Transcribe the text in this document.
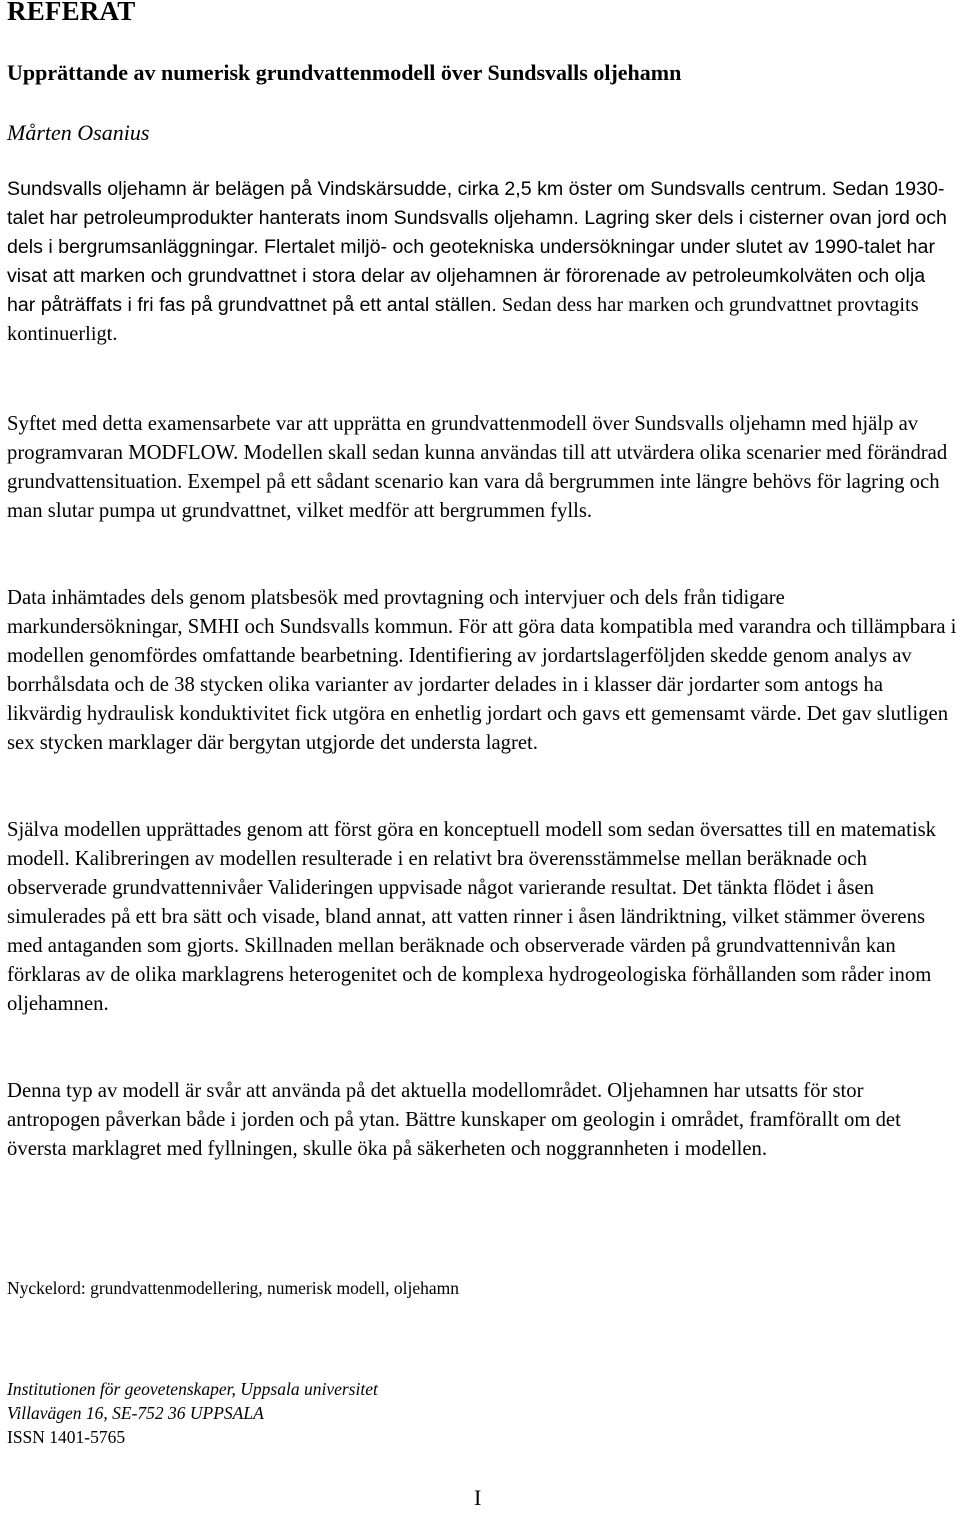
REFERAT
Upprättande av numerisk grundvattenmodell över Sundsvalls oljehamn
Mårten Osanius

Sundsvalls oljehamn är belägen på Vindskärsudde, cirka 2,5 km öster om Sundsvalls centrum. Sedan 1930-talet har petroleumprodukter hanterats inom Sundsvalls oljehamn. Lagring sker dels i cisterner ovan jord och dels i bergrumsanläggningar. Flertalet miljö- och geotekniska undersökningar under slutet av 1990-talet har visat att marken och grundvattnet i stora delar av oljehamnen är förorenade av petroleumkolväten och olja har påträffats i fri fas på grundvattnet på ett antal ställen. Sedan dess har marken och grundvattnet provtagits kontinuerligt.

Syftet med detta examensarbete var att upprätta en grundvattenmodell över Sundsvalls oljehamn med hjälp av programvaran MODFLOW. Modellen skall sedan kunna användas till att utvärdera olika scenarier med förändrad grundvattensituation. Exempel på ett sådant scenario kan vara då bergrummen inte längre behövs för lagring och man slutar pumpa ut grundvattnet, vilket medför att bergrummen fylls.

Data inhämtades dels genom platsbesök med provtagning och intervjuer och dels från tidigare markundersökningar, SMHI och Sundsvalls kommun. För att göra data kompatibla med varandra och tillämpbara i modellen genomfördes omfattande bearbetning. Identifiering av jordartslagerföljden skedde genom analys av borrhålsdata och de 38 stycken olika varianter av jordarter delades in i klasser där jordarter som antogs ha likvärdig hydraulisk konduktivitet fick utgöra en enhetlig jordart och gavs ett gemensamt värde. Det gav slutligen sex stycken marklager där bergytan utgjorde det understa lagret.

Själva modellen upprättades genom att först göra en konceptuell modell som sedan översattes till en matematisk modell. Kalibreringen av modellen resulterade i en relativt bra överensstämmelse mellan beräknade och observerade grundvattennivåer Valideringen uppvisade något varierande resultat. Det tänkta flödet i åsen simulerades på ett bra sätt och visade, bland annat, att vatten rinner i åsen ländriktning, vilket stämmer överens med antaganden som gjorts. Skillnaden mellan beräknade och observerade värden på grundvattennivån kan förklaras av de olika marklagrens heterogenitet och de komplexa hydrogeologiska förhållanden som råder inom oljehamnen.

Denna typ av modell är svår att använda på det aktuella modellområdet. Oljehamnen har utsatts för stor antropogen påverkan både i jorden och på ytan. Bättre kunskaper om geologin i området, framförallt om det översta marklagret med fyllningen, skulle öka på säkerheten och noggrannheten i modellen.

Nyckelord: grundvattenmodellering, numerisk modell, oljehamn
Institutionen för geovetenskaper, Uppsala universitet
Villavägen 16, SE-752 36 UPPSALA
ISSN 1401-5765
I
